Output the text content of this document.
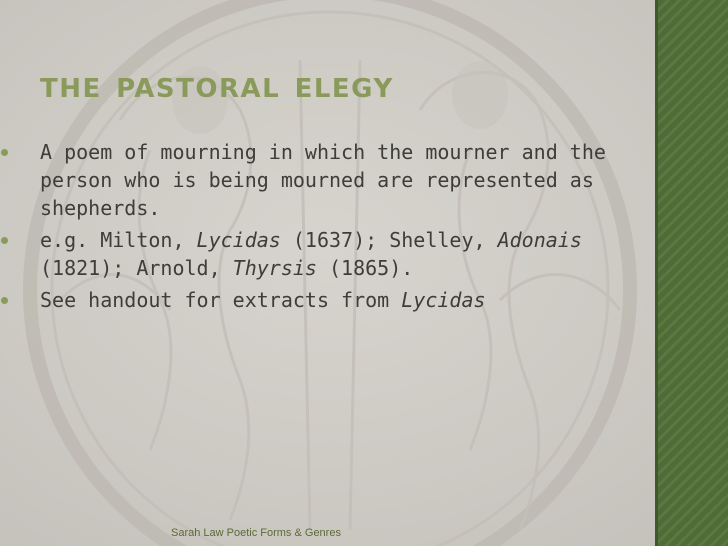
the pastoral elegy
A poem of mourning in which the mourner and the person who is being mourned are represented as shepherds.
e.g. Milton, Lycidas (1637); Shelley, Adonais (1821); Arnold, Thyrsis (1865).
See handout for extracts from Lycidas
Sarah Law Poetic Forms & Genres
